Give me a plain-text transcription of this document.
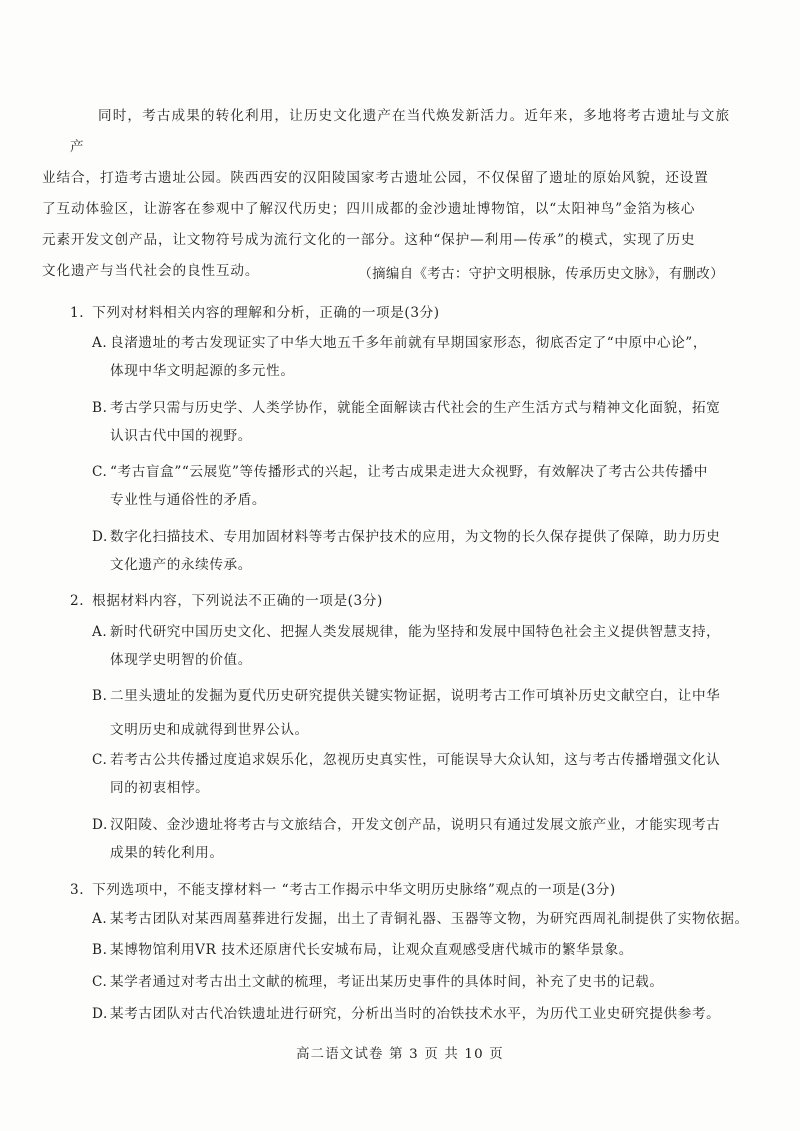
同时，考古成果的转化利用，让历史文化遗产在当代焕发新活力。近年来，多地将考古遗址与文旅产
业结合，打造考古遗址公园。陕西西安的汉阳陵国家考古遗址公园，不仅保留了遗址的原始风貌，还设置
了互动体验区，让游客在参观中了解汉代历史；四川成都的金沙遗址博物馆，以“太阳神鸟”金箔为核心
元素开发文创产品，让文物符号成为流行文化的一部分。这种“保护—利用—传承”的模式，实现了历史
文化遗产与当代社会的良性互动。	（摘编自《考古：守护文明根脉，传承历史文脉》，有删改）

1. 下列对材料相关内容的理解和分析，正确的一项是(3分)

A. 良渚遗址的考古发现证实了中华大地五千多年前就有早期国家形态，彻底否定了“中原中心论”，
体现中华文明起源的多元性。
B. 考古学只需与历史学、人类学协作，就能全面解读古代社会的生产生活方式与精神文化面貌，拓宽
认识古代中国的视野。
C. “考古盲盒”“云展览”等传播形式的兴起，让考古成果走进大众视野，有效解决了考古公共传播中
专业性与通俗性的矛盾。
D. 数字化扫描技术、专用加固材料等考古保护技术的应用，为文物的长久保存提供了保障，助力历史
文化遗产的永续传承。

2. 根据材料内容，下列说法不正确的一项是(3分)

A. 新时代研究中国历史文化、把握人类发展规律，能为坚持和发展中国特色社会主义提供智慧支持，
体现学史明智的价值。
B. 二里头遗址的发掘为夏代历史研究提供关键实物证据，说明考古工作可填补历史文献空白，让中华
文明历史和成就得到世界公认。
C. 若考古公共传播过度追求娱乐化，忽视历史真实性，可能误导大众认知，这与考古传播增强文化认
同的初衷相悖。
D. 汉阳陵、金沙遗址将考古与文旅结合，开发文创产品，说明只有通过发展文旅产业，才能实现考古
成果的转化利用。

3. 下列选项中，不能支撑材料一 “考古工作揭示中华文明历史脉络”观点的一项是(3分)

A. 某考古团队对某西周墓葬进行发掘，出土了青铜礼器、玉器等文物，为研究西周礼制提供了实物依据。
B. 某博物馆利用VR 技术还原唐代长安城布局，让观众直观感受唐代城市的繁华景象。
C. 某学者通过对考古出土文献的梳理，考证出某历史事件的具体时间，补充了史书的记载。
D. 某考古团队对古代冶铁遗址进行研究，分析出当时的冶铁技术水平，为历代工业史研究提供参考。

高二语文试卷 第 3 页 共 10 页
